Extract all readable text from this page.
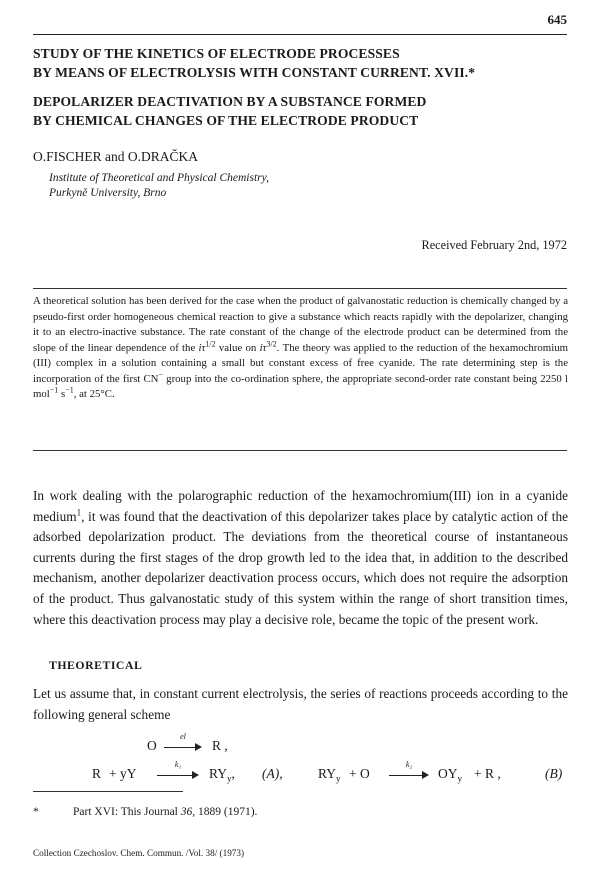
645
STUDY OF THE KINETICS OF ELECTRODE PROCESSES
BY MEANS OF ELECTROLYSIS WITH CONSTANT CURRENT. XVII.*
DEPOLARIZER DEACTIVATION BY A SUBSTANCE FORMED
BY CHEMICAL CHANGES OF THE ELECTRODE PRODUCT
O.FISCHER and O.DRAČKA
Institute of Theoretical and Physical Chemistry,
Purkyně University, Brno
Received February 2nd, 1972

A theoretical solution has been derived for the case when the product of galvanostatic reduction is chemically changed by a pseudo-first order homogeneous chemical reaction to give a substance which reacts rapidly with the depolarizer, changing it to an electro-inactive substance. The rate constant of the change of the electrode product can be determined from the slope of the linear dependence of the $i\tau^{1/2}$ value on $i\tau^{3/2}$. The theory was applied to the reduction of the hexamochromium (III) complex in a solution containing a small but constant excess of free cyanide. The rate determining step is the incorporation of the first CN− group into the co-ordination sphere, the appropriate second-order rate constant being 2250 l mol$^{-1}$ $s^{-1}$, at 25°C.

In work dealing with the polarographic reduction of the hexamochromium(III) ion in a cyanide medium$^1$, it was found that the deactivation of this depolarizer takes place by catalytic action of the adsorbed depolarization product. The deviations from the theoretical course of instantaneous currents during the first stages of the drop growth led to the idea that, in addition to the described mechanism, another depolarizer deactivation process occurs, which does not require the adsorption of the product. Thus galvanostatic study of this system within the range of short transition times, where this deactivation process may play a decisive role, became the topic of the present work.

THEORETICAL

Let us assume that, in constant current electrolysis, the series of reactions proceeds according to the following general scheme

O
el
R ,
R + yY
k₁
$RY_y$, (A),	$RY_y + O$
k₂
$OY_y + R$ ,	(B)
*	Part XVI: This Journal 36, 1889 (1971).
Collection Czechoslov. Chem. Commun. /Vol. 38/ (1973)
